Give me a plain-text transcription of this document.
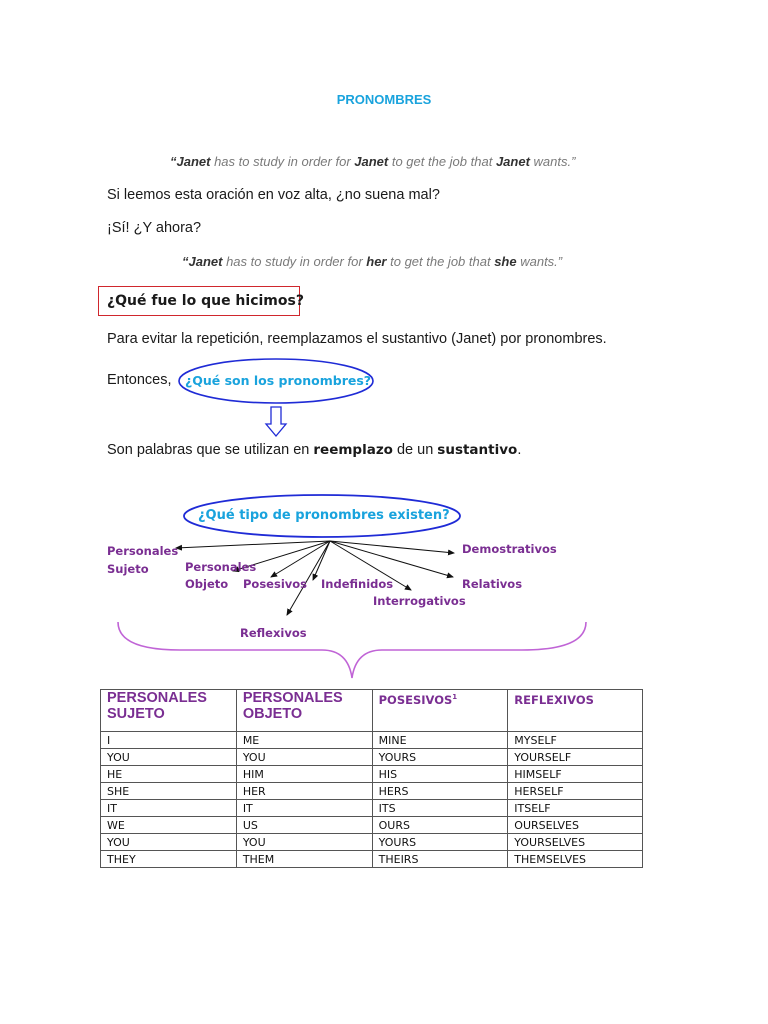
PRONOMBRES
“Janet has to study in order for Janet to get the job that Janet wants.”
Si leemos esta oración en voz alta, ¿no suena mal?
¡Sí! ¿Y ahora?
“Janet has to study in order for her to get the job that she wants.”
¿Qué fue lo que hicimos?
Para evitar la repetición, reemplazamos el sustantivo (Janet) por pronombres.
Entonces, ¿Qué son los pronombres?
Son palabras que se utilizan en reemplazo de un sustantivo.
¿Qué tipo de pronombres existen?
Personales
Sujeto	Personales
Objeto	Posesivos Indefinidos
Interrogativos
Demostrativos
Relativos
Reflexivos
PERSONALES SUJETO	PERSONALES OBJETO	POSESIVOS$^1$	REFLEXIVOS
I	ME	MINE	MYSELF
YOU	YOU	YOURS	YOURSELF
HE	HIM	HIS	HIMSELF
SHE	HER	HERS	HERSELF
IT	IT	ITS	ITSELF
WE	US	OURS	OURSELVES
YOU	YOU	YOURS	YOURSELVES
THEY	THEM	THEIRS	THEMSELVES
